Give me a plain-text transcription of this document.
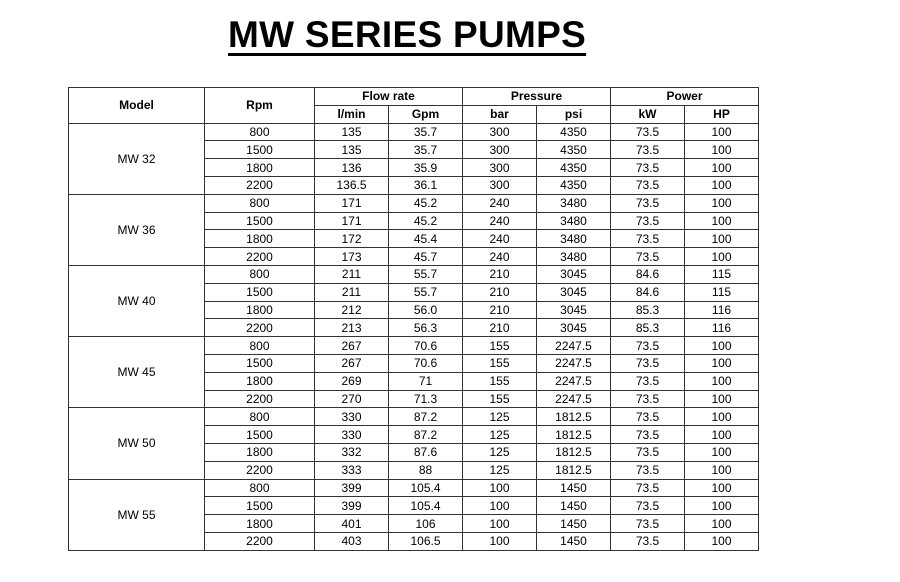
MW SERIES PUMPS
Model	Rpm	Flow rate		Pressure		Power	
		l/min	Gpm	bar	psi	kW	HP
MW 32	800	135	35.7	300	4350	73.5	100
	1500	135	35.7	300	4350	73.5	100
	1800	136	35.9	300	4350	73.5	100
	2200	136.5	36.1	300	4350	73.5	100
MW 36	800	171	45.2	240	3480	73.5	100
	1500	171	45.2	240	3480	73.5	100
	1800	172	45.4	240	3480	73.5	100
	2200	173	45.7	240	3480	73.5	100
MW 40	800	211	55.7	210	3045	84.6	115
	1500	211	55.7	210	3045	84.6	115
	1800	212	56.0	210	3045	85.3	116
	2200	213	56.3	210	3045	85.3	116
MW 45	800	267	70.6	155	2247.5	73.5	100
	1500	267	70.6	155	2247.5	73.5	100
	1800	269	71	155	2247.5	73.5	100
	2200	270	71.3	155	2247.5	73.5	100
MW 50	800	330	87.2	125	1812.5	73.5	100
	1500	330	87.2	125	1812.5	73.5	100
	1800	332	87.6	125	1812.5	73.5	100
	2200	333	88	125	1812.5	73.5	100
MW 55	800	399	105.4	100	1450	73.5	100
	1500	399	105.4	100	1450	73.5	100
	1800	401	106	100	1450	73.5	100
	2200	403	106.5	100	1450	73.5	100
